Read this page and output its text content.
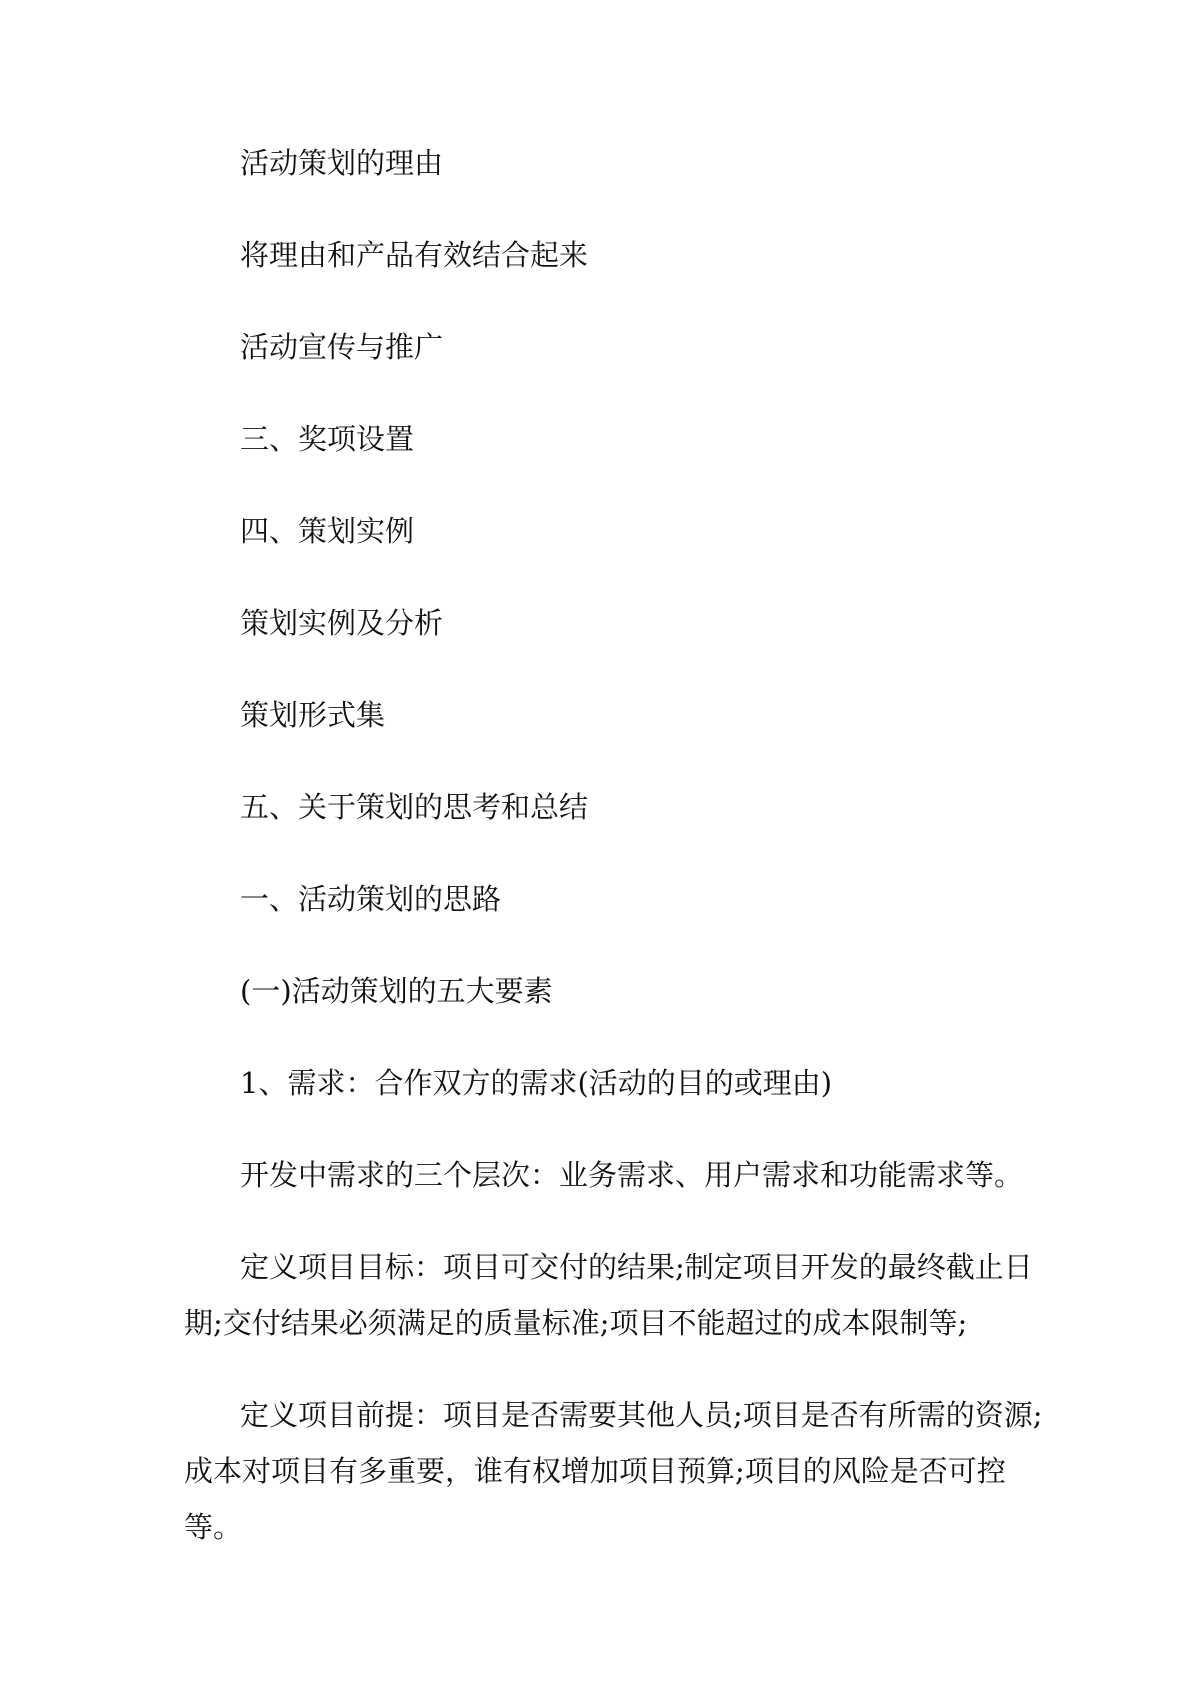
活动策划的理由

将理由和产品有效结合起来

活动宣传与推广

三、奖项设置

四、策划实例

策划实例及分析

策划形式集

五、关于策划的思考和总结

一、活动策划的思路

(一)活动策划的五大要素

1、需求：合作双方的需求(活动的目的或理由)

开发中需求的三个层次：业务需求、用户需求和功能需求等。

定义项目目标：项目可交付的结果;制定项目开发的最终截止日期;交付结果必须满足的质量标准;项目不能超过的成本限制等;

定义项目前提：项目是否需要其他人员;项目是否有所需的资源;成本对项目有多重要，谁有权增加项目预算;项目的风险是否可控等。
